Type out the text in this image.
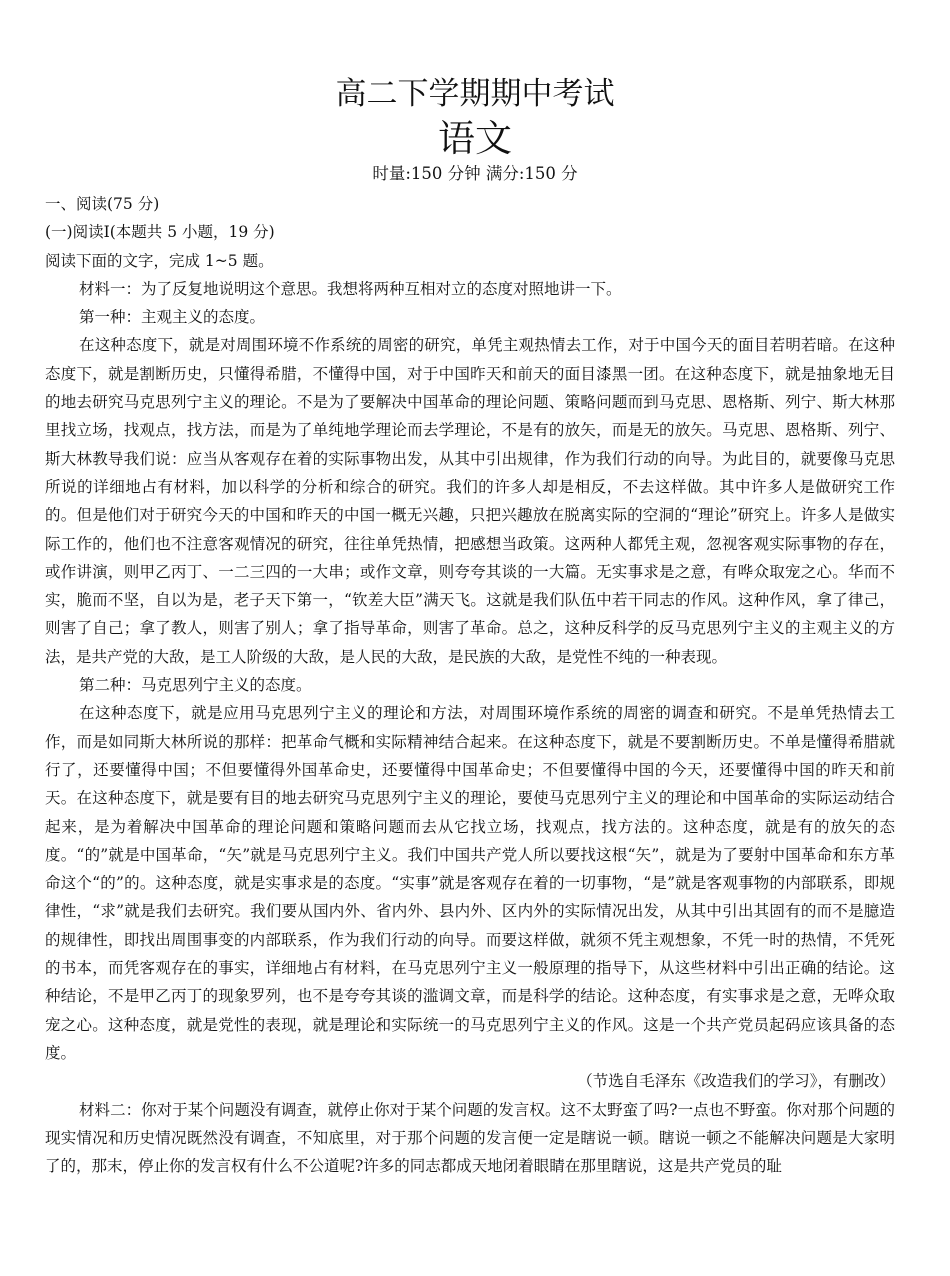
高二下学期期中考试
语文
时量:150 分钟 满分:150 分

一、阅读(75 分)

(一)阅读Ⅰ(本题共 5 小题，19 分)

阅读下面的文字，完成 1~5 题。

材料一：为了反复地说明这个意思。我想将两种互相对立的态度对照地讲一下。

第一种：主观主义的态度。

在这种态度下，就是对周围环境不作系统的周密的研究，单凭主观热情去工作，对于中国今天的面目若明若暗。在这种态度下，就是割断历史，只懂得希腊，不懂得中国，对于中国昨天和前天的面目漆黑一团。在这种态度下，就是抽象地无目的地去研究马克思列宁主义的理论。不是为了要解决中国革命的理论问题、策略问题而到马克思、恩格斯、列宁、斯大林那里找立场，找观点，找方法，而是为了单纯地学理论而去学理论，不是有的放矢，而是无的放矢。马克思、恩格斯、列宁、斯大林教导我们说：应当从客观存在着的实际事物出发，从其中引出规律，作为我们行动的向导。为此目的，就要像马克思所说的详细地占有材料，加以科学的分析和综合的研究。我们的许多人却是相反，不去这样做。其中许多人是做研究工作的。但是他们对于研究今天的中国和昨天的中国一概无兴趣，只把兴趣放在脱离实际的空洞的“理论”研究上。许多人是做实际工作的，他们也不注意客观情况的研究，往往单凭热情，把感想当政策。这两种人都凭主观，忽视客观实际事物的存在，或作讲演，则甲乙丙丁、一二三四的一大串；或作文章，则夸夸其谈的一大篇。无实事求是之意，有哗众取宠之心。华而不实，脆而不坚，自以为是，老子天下第一，“钦差大臣”满天飞。这就是我们队伍中若干同志的作风。这种作风，拿了律己，则害了自己；拿了教人，则害了别人；拿了指导革命，则害了革命。总之，这种反科学的反马克思列宁主义的主观主义的方法，是共产党的大敌，是工人阶级的大敌，是人民的大敌，是民族的大敌，是党性不纯的一种表现。

第二种：马克思列宁主义的态度。

在这种态度下，就是应用马克思列宁主义的理论和方法，对周围环境作系统的周密的调查和研究。不是单凭热情去工作，而是如同斯大林所说的那样：把革命气概和实际精神结合起来。在这种态度下，就是不要割断历史。不单是懂得希腊就行了，还要懂得中国；不但要懂得外国革命史，还要懂得中国革命史；不但要懂得中国的今天，还要懂得中国的昨天和前天。在这种态度下，就是要有目的地去研究马克思列宁主义的理论，要使马克思列宁主义的理论和中国革命的实际运动结合起来，是为着解决中国革命的理论问题和策略问题而去从它找立场，找观点，找方法的。这种态度，就是有的放矢的态度。“的”就是中国革命，“矢”就是马克思列宁主义。我们中国共产党人所以要找这根“矢”，就是为了要射中国革命和东方革命这个“的”的。这种态度，就是实事求是的态度。“实事”就是客观存在着的一切事物，“是”就是客观事物的内部联系，即规律性，“求”就是我们去研究。我们要从国内外、省内外、县内外、区内外的实际情况出发，从其中引出其固有的而不是臆造的规律性，即找出周围事变的内部联系，作为我们行动的向导。而要这样做，就须不凭主观想象，不凭一时的热情，不凭死的书本，而凭客观存在的事实，详细地占有材料，在马克思列宁主义一般原理的指导下，从这些材料中引出正确的结论。这种结论，不是甲乙丙丁的现象罗列，也不是夸夸其谈的滥调文章，而是科学的结论。这种态度，有实事求是之意，无哗众取宠之心。这种态度，就是党性的表现，就是理论和实际统一的马克思列宁主义的作风。这是一个共产党员起码应该具备的态度。

（节选自毛泽东《改造我们的学习》，有删改）

材料二：你对于某个问题没有调查，就停止你对于某个问题的发言权。这不太野蛮了吗?一点也不野蛮。你对那个问题的现实情况和历史情况既然没有调查，不知底里，对于那个问题的发言便一定是瞎说一顿。瞎说一顿之不能解决问题是大家明了的，那末，停止你的发言权有什么不公道呢?许多的同志都成天地闭着眼睛在那里瞎说，这是共产党员的耻
